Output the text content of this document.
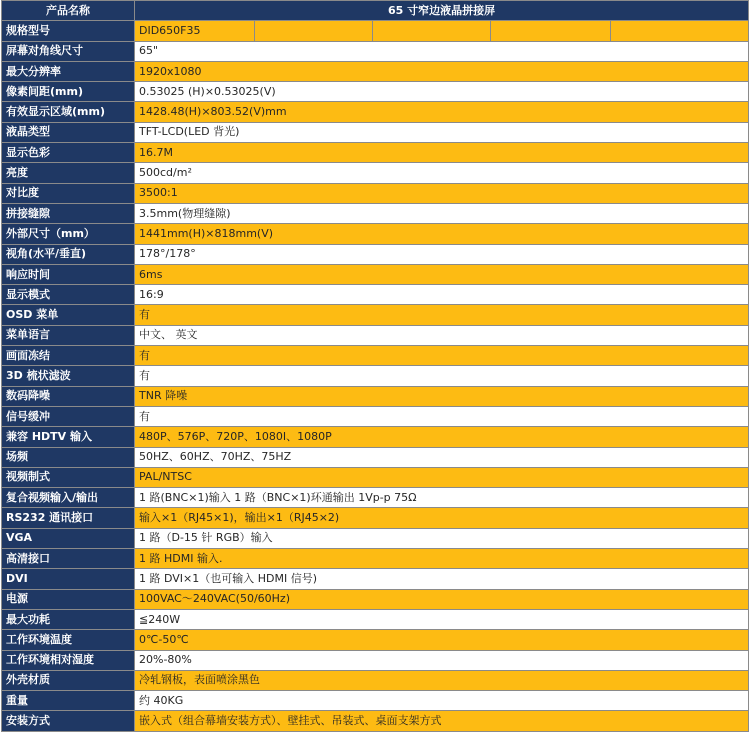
产品名称	65 寸窄边液晶拼接屏				
规格型号	DID650F35				
屏幕对角线尺寸	65"				
最大分辨率	1920x1080				
像素间距(mm)	0.53025 (H)×0.53025(V)				
有效显示区域(mm)	1428.48(H)×803.52(V)mm				
液晶类型	TFT-LCD(LED 背光)				
显示色彩	16.7M				
亮度	500cd/m²				
对比度	3500:1				
拼接缝隙	3.5mm(物理缝隙)				
外部尺寸（mm）	1441mm(H)×818mm(V)				
视角(水平/垂直)	178°/178°				
响应时间	6ms				
显示模式	16:9				
OSD 菜单	有				
菜单语言	中文、 英文				
画面冻结	有				
3D 梳状滤波	有				
数码降噪	TNR 降噪				
信号缓冲	有				
兼容 HDTV 输入	480P、576P、720P、1080I、1080P				
场频	50HZ、60HZ、70HZ、75HZ				
视频制式	PAL/NTSC				
复合视频输入/输出	1 路(BNC×1)输入 1 路（BNC×1)环通输出 1Vp-p 75Ω				
RS232 通讯接口	输入×1（RJ45×1)，输出×1（RJ45×2)				
VGA	1 路（D-15 针 RGB）输入				
高清接口	1 路 HDMI 输入.				
DVI	1 路 DVI×1（也可输入 HDMI 信号)				
电源	100VAC～240VAC(50/60Hz)				
最大功耗	≦240W				
工作环境温度	0℃-50℃				
工作环境相对湿度	20%-80%				
外壳材质	冷轧钢板，表面喷涂黑色				
重量	约 40KG				
安装方式	嵌入式（组合幕墙安装方式）、壁挂式、吊装式、桌面支架方式				
